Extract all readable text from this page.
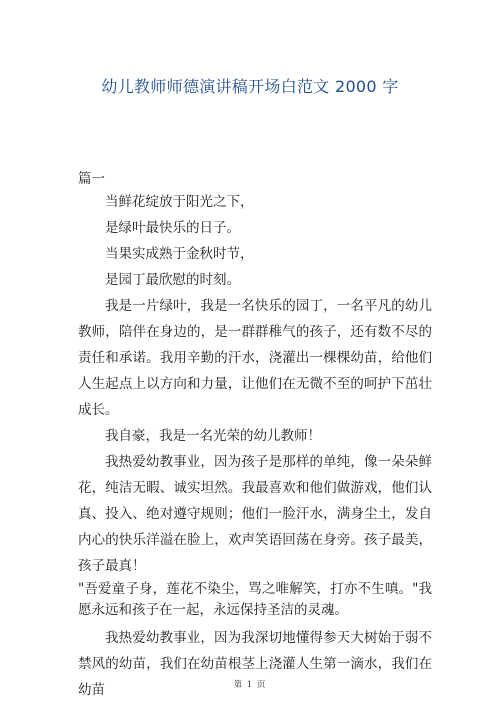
幼儿教师师德演讲稿开场白范文 2000 字
篇一

当鲜花绽放于阳光之下，

是绿叶最快乐的日子。

当果实成熟于金秋时节，

是园丁最欣慰的时刻。

我是一片绿叶，我是一名快乐的园丁，一名平凡的幼儿教师，陪伴在身边的，是一群群稚气的孩子，还有数不尽的责任和承诺。我用辛勤的汗水，浇灌出一棵棵幼苗，给他们人生起点上以方向和力量，让他们在无微不至的呵护下茁壮成长。

我自豪，我是一名光荣的幼儿教师！

我热爱幼教事业，因为孩子是那样的单纯，像一朵朵鲜花，纯洁无暇、诚实坦然。我最喜欢和他们做游戏，他们认真、投入、绝对遵守规则；他们一脸汗水，满身尘土，发自内心的快乐洋溢在脸上，欢声笑语回荡在身旁。孩子最美，孩子最真！

"吾爱童子身，莲花不染尘，骂之唯解笑，打亦不生嗔。"我愿永远和孩子在一起，永远保持圣洁的灵魂。

我热爱幼教事业，因为我深切地懂得参天大树始于弱不禁风的幼苗，我们在幼苗根茎上浇灌人生第一滴水，我们在幼苗	第 1 页
